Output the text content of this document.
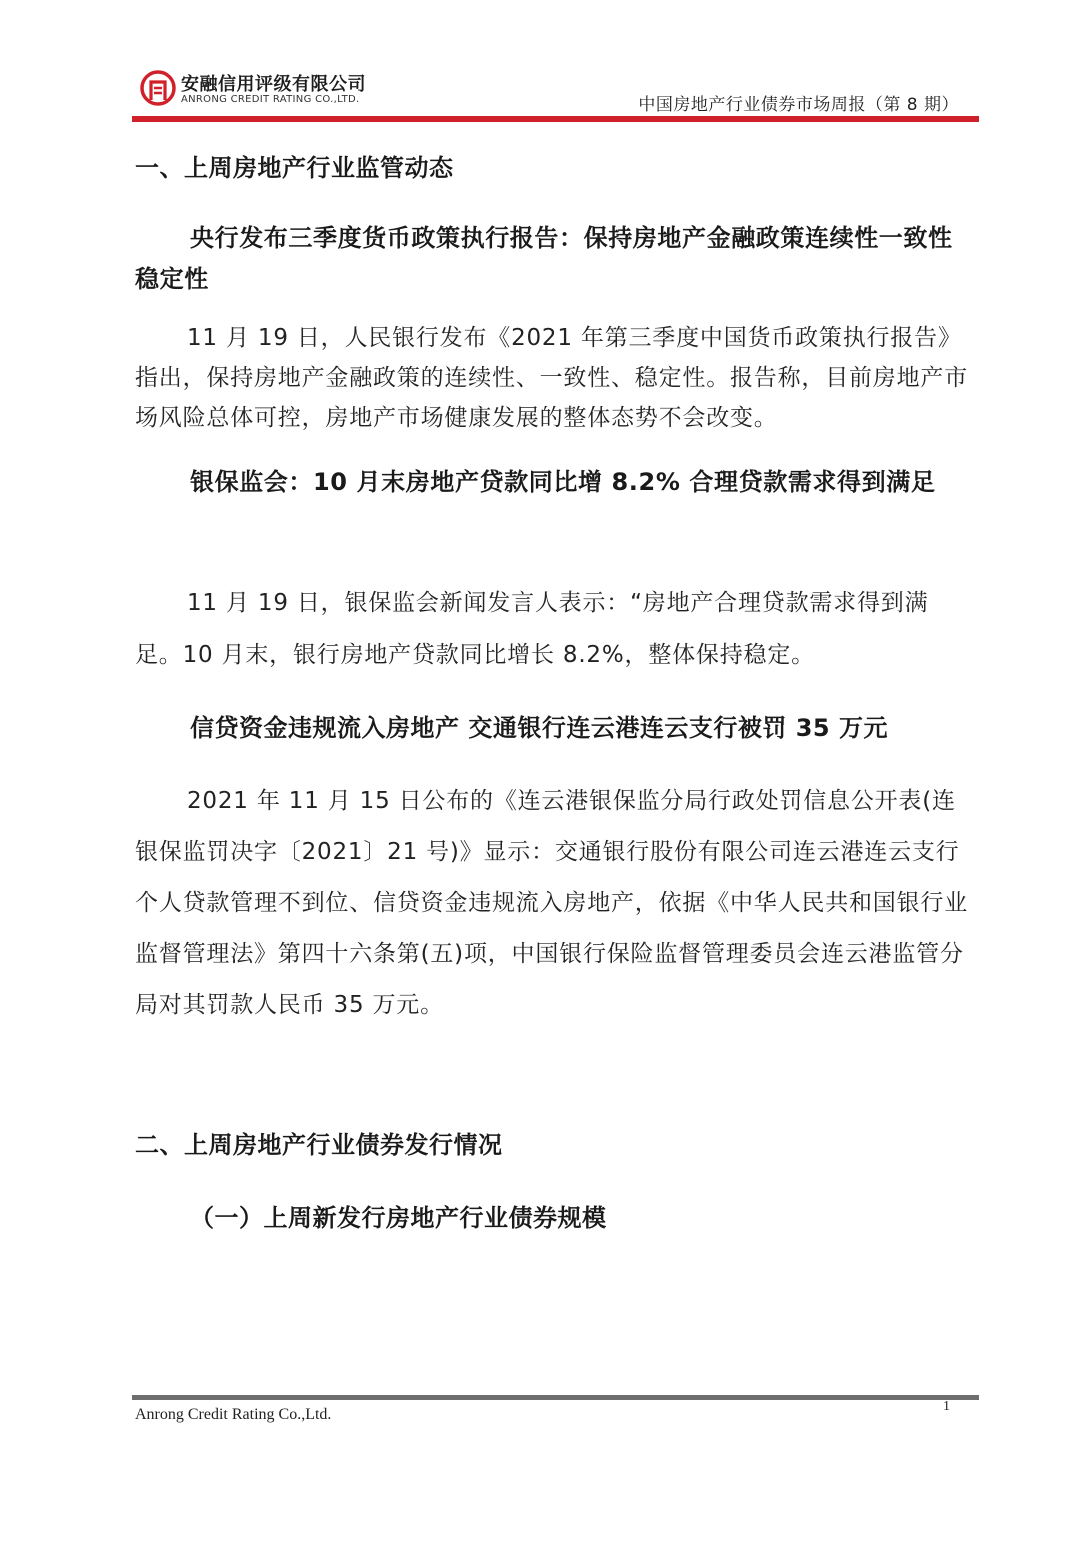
安融信用评级有限公司
ANRONG CREDIT RATING CO.,LTD.	中国房地产行业债券市场周报（第 8 期）
一、上周房地产行业监管动态
央行发布三季度货币政策执行报告：保持房地产金融政策连续性一致性稳定性
11 月 19 日，人民银行发布《2021 年第三季度中国货币政策执行报告》指出，保持房地产金融政策的连续性、一致性、稳定性。报告称，目前房地产市场风险总体可控，房地产市场健康发展的整体态势不会改变。
银保监会：10 月末房地产贷款同比增 8.2% 合理贷款需求得到满足
11 月 19 日，银保监会新闻发言人表示：“房地产合理贷款需求得到满足。10 月末，银行房地产贷款同比增长 8.2%，整体保持稳定。
信贷资金违规流入房地产 交通银行连云港连云支行被罚 35 万元
2021 年 11 月 15 日公布的《连云港银保监分局行政处罚信息公开表(连银保监罚决字〔2021〕21 号)》显示：交通银行股份有限公司连云港连云支行个人贷款管理不到位、信贷资金违规流入房地产，依据《中华人民共和国银行业监督管理法》第四十六条第(五)项，中国银行保险监督管理委员会连云港监管分局对其罚款人民币 35 万元。
二、上周房地产行业债券发行情况
（一）上周新发行房地产行业债券规模
Anrong Credit Rating Co.,Ltd.	1
